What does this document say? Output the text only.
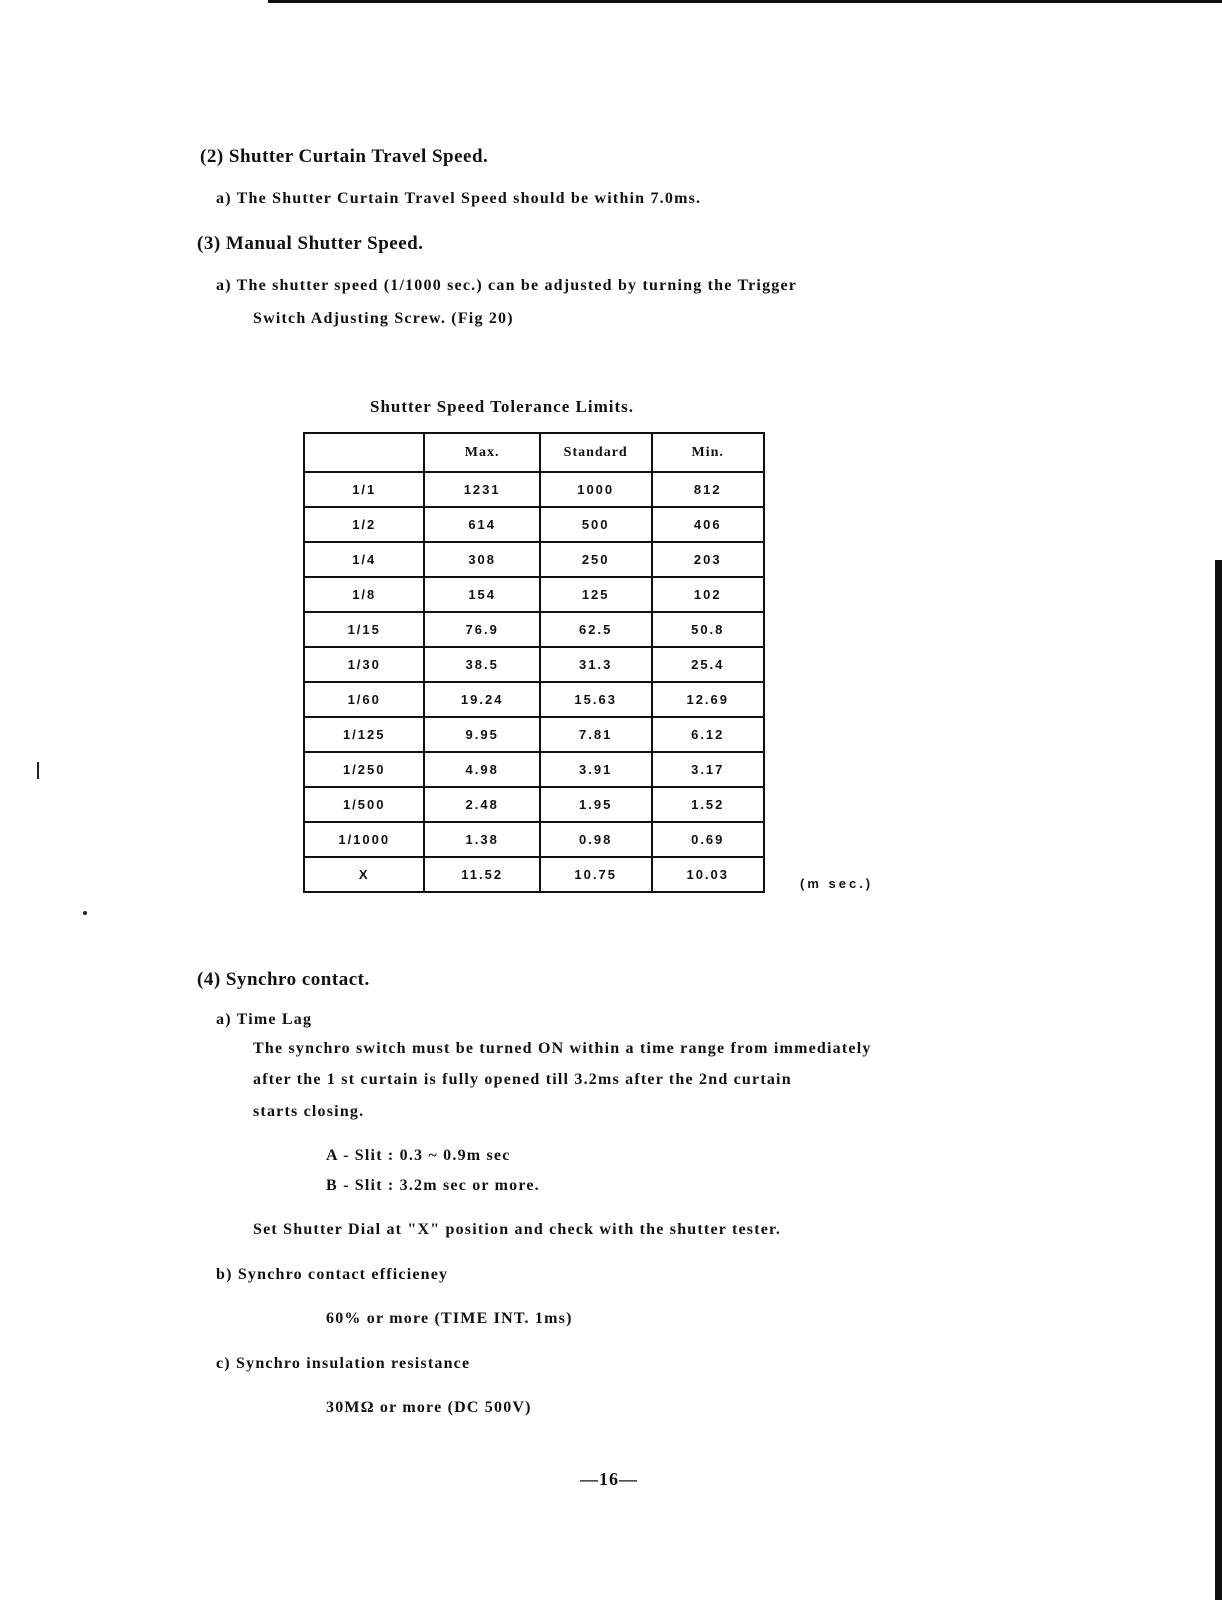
(2) Shutter Curtain Travel Speed.
a) The Shutter Curtain Travel Speed should be within 7.0ms.
(3) Manual Shutter Speed.
a) The shutter speed (1/1000 sec.) can be adjusted by turning the Trigger
Switch Adjusting Screw. (Fig 20)
Shutter Speed Tolerance Limits.
	Max.	Standard	Min.
1/1	1231	1000	812
1/2	614	500	406
1/4	308	250	203
1/8	154	125	102
1/15	76.9	62.5	50.8
1/30	38.5	31.3	25.4
1/60	19.24	15.63	12.69
1/125	9.95	7.81	6.12
1/250	4.98	3.91	3.17
1/500	2.48	1.95	1.52
1/1000	1.38	0.98	0.69
X	11.52	10.75	10.03
(m sec.)
(4) Synchro contact.
a) Time Lag
The synchro switch must be turned ON within a time range from immediately
after the 1 st curtain is fully opened till 3.2ms after the 2nd curtain
starts closing.
A - Slit : 0.3 ~ 0.9m sec
B - Slit : 3.2m sec or more.
Set Shutter Dial at "X" position and check with the shutter tester.
b) Synchro contact efficieney
60% or more (TIME INT. 1ms)
c) Synchro insulation resistance
30MΩ or more (DC 500V)
—16—
